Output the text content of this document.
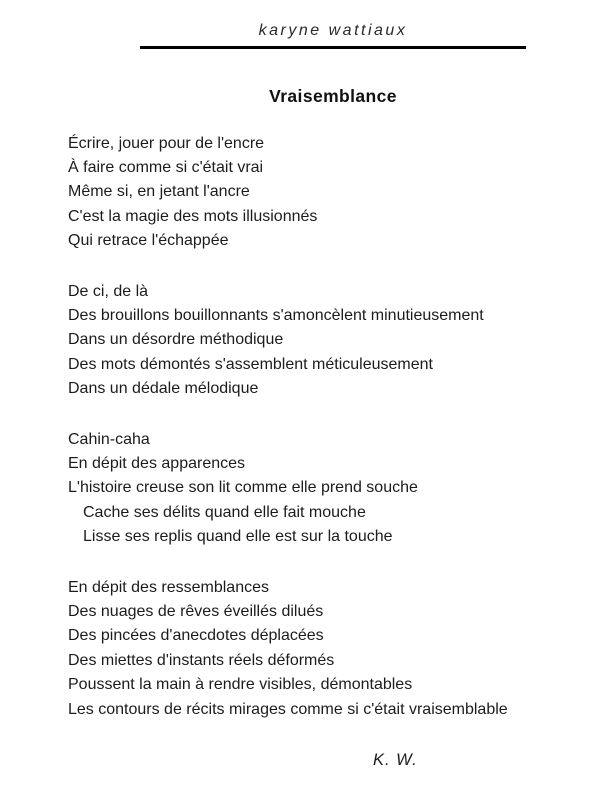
karyne wattiaux
Vraisemblance
Écrire, jouer pour de l'encre
À faire comme si c'était vrai
Même si, en jetant l'ancre
C'est la magie des mots illusionnés
Qui retrace l'échappée
De ci, de là
Des brouillons bouillonnants s'amoncèlent minutieusement
Dans un désordre méthodique
Des mots démontés s'assemblent méticuleusement
Dans un dédale mélodique
Cahin-caha
En dépit des apparences
L'histoire creuse son lit comme elle prend souche
Cache ses délits quand elle fait mouche
Lisse ses replis quand elle est sur la touche
En dépit des ressemblances
Des nuages de rêves éveillés dilués
Des pincées d'anecdotes déplacées
Des miettes d'instants réels déformés
Poussent la main à rendre visibles, démontables
Les contours de récits mirages comme si c'était vraisemblable
K. W.
